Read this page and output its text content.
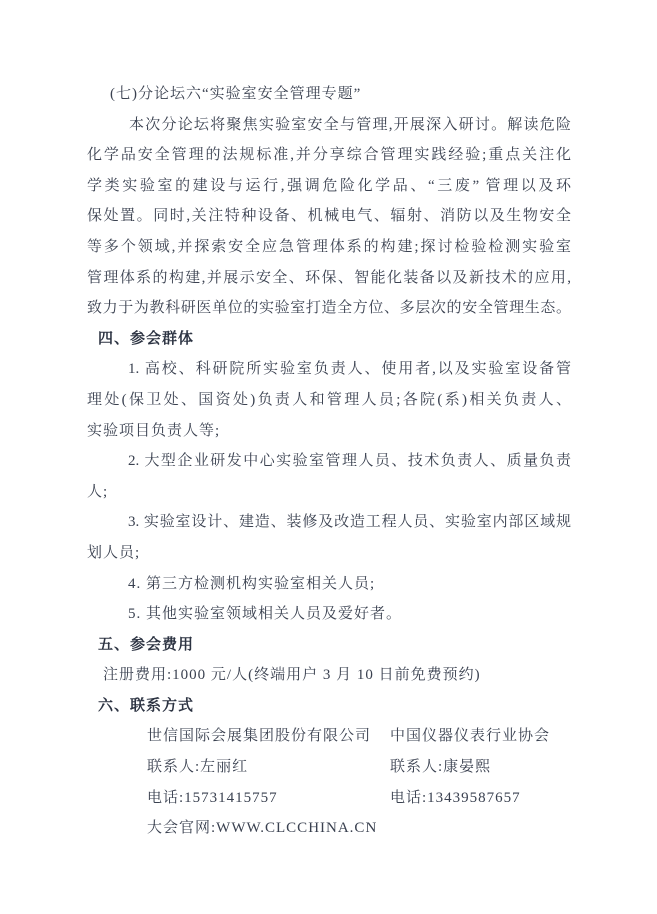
(七)分论坛六“实验室安全管理专题”
本次分论坛将聚焦实验室安全与管理,开展深入研讨。解读危险
化学品安全管理的法规标准,并分享综合管理实践经验;重点关注化
学类实验室的建设与运行,强调危险化学品、“三废” 管理以及环
保处置。同时,关注特种设备、机械电气、辐射、消防以及生物安全
等多个领域,并探索安全应急管理体系的构建;探讨检验检测实验室
管理体系的构建,并展示安全、环保、智能化装备以及新技术的应用,
致力于为教科研医单位的实验室打造全方位、多层次的安全管理生态。
四、参会群体
1. 高校、科研院所实验室负责人、使用者,以及实验室设备管
理处(保卫处、国资处)负责人和管理人员;各院(系)相关负责人、
实验项目负责人等;
2. 大型企业研发中心实验室管理人员、技术负责人、质量负责
人;
3. 实验室设计、建造、装修及改造工程人员、实验室内部区域规
划人员;
4. 第三方检测机构实验室相关人员;
5. 其他实验室领域相关人员及爱好者。
五、参会费用
注册费用:1000 元/人(终端用户 3 月 10 日前免费预约)
六、联系方式
世信国际会展集团股份有限公司	中国仪器仪表行业协会
联系人:左丽红	联系人:康晏熙
电话:15731415757	电话:13439587657
大会官网:WWW.CLCCHINA.CN
